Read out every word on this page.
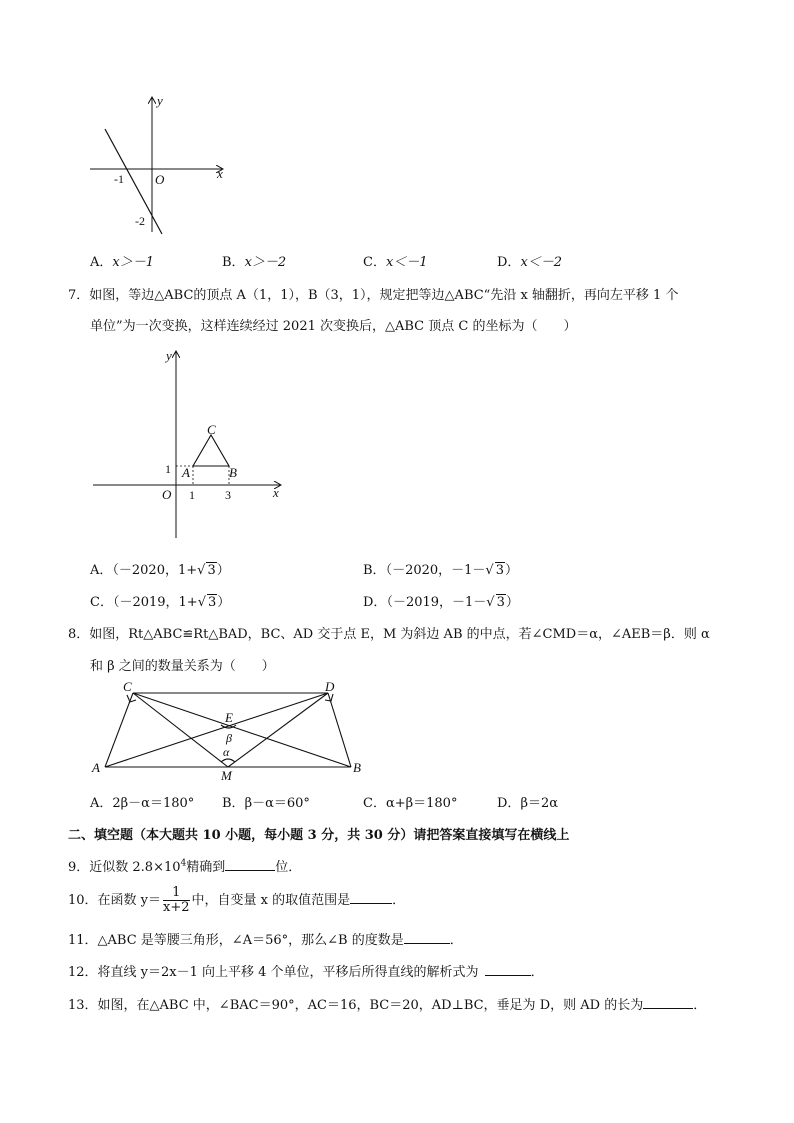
x
y
O
-1
-2
A．x＞－1	B．x＞－2	C．x＜－1	D．x＜－2
7．如图，等边△ABC的顶点 A（1，1），B（3，1），规定把等边△ABC“先沿 x 轴翻折，再向左平移 1 个
单位”为一次变换，这样连续经过 2021 次变换后，△ABC 顶点 C 的坐标为（　　）
x
y
O
A	B
C
1	3
1
A．（－2020，1+√ 3）	B．（－2020，－1－√ 3）
C．（－2019，1+√ 3）	D．（－2019，－1－√ 3）
8．如图，Rt△ABC≌Rt△BAD，BC、AD 交于点 E，M 为斜边 AB 的中点，若∠CMD＝α，∠AEB＝β．则 α
和 β 之间的数量关系为（　　）
A	B
C	D
E
M
β
α
A．2β－α＝180° B．β－α＝60°	C．α+β＝180°	D．β＝2α
二、填空题（本大题共 10 小题，每小题 3 分，共 30 分）请把答案直接填写在横线上
9．近似数 $2.8\times 10^4$精确到	位．
10．在函数 $y= \frac{1}{x+2}$ 中，自变量 x 的取值范围是	．
11．△ABC 是等腰三角形，∠A＝56°，那么∠B 的度数是	．
12．将直线 y＝2x－1 向上平移 4 个单位，平移后所得直线的解析式为	．
13．如图，在△ABC 中，∠BAC＝90°，AC＝16，BC＝20，AD⊥BC，垂足为 D，则 AD 的长为	．
